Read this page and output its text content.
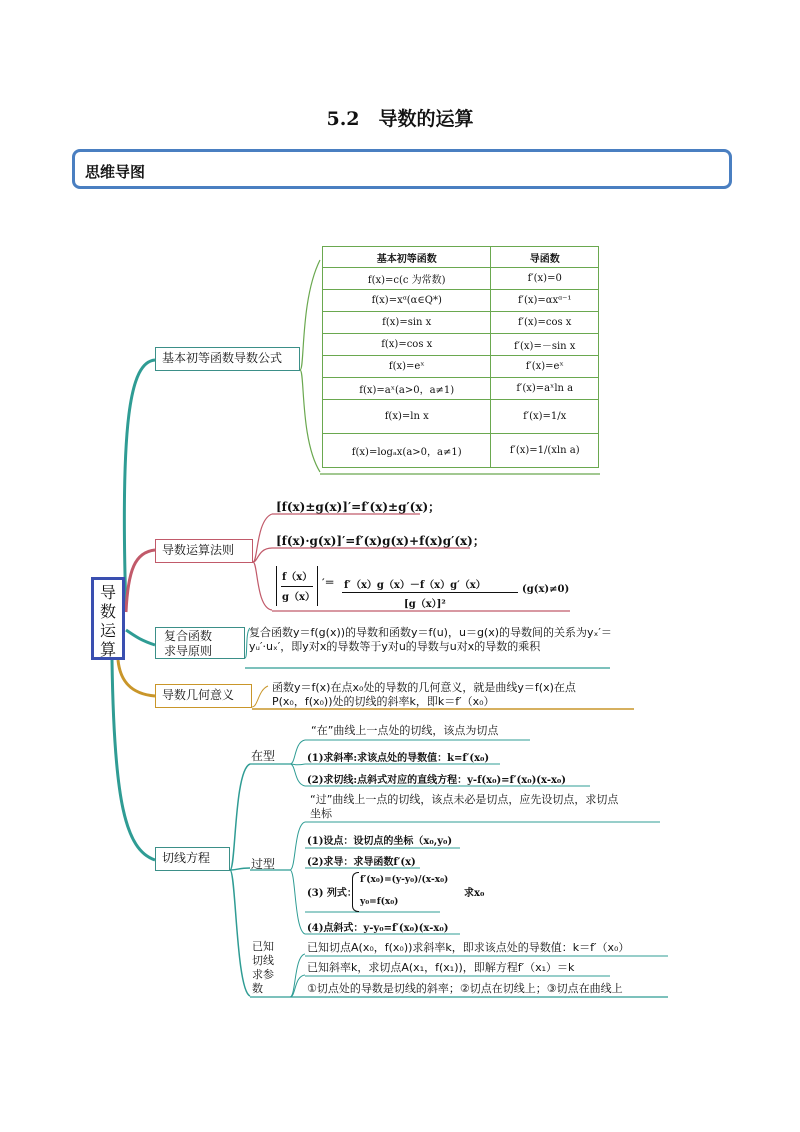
5.2　导数的运算
思维导图
导
数
运
算
基本初等函数导数公式
导数运算法则
复合函数
求导原则
导数几何意义
切线方程
基本初等函数	导函数
f(x)=c(c 为常数)	f′(x)=0
f(x)=xᵅ(α∈Q*)	f′(x)=αxᵅ⁻¹
f(x)=sin x	f′(x)=cos x
f(x)=cos x	f′(x)=－sin x
f(x)=eˣ	f′(x)=eˣ
f(x)=aˣ(a>0，a≠1)	f′(x)=aˣln a
f(x)=ln x	f′(x)=1/x
f(x)=logₐx(a>0，a≠1)	f′(x)=1/(xln a)
[f(x)±g(x)]′=f′(x)±g′(x)；
[f(x)·g(x)]′=f′(x)g(x)+f(x)g′(x)；
f（x）
g（x）
′＝ f′（x）g（x）－f（x）g′（x）
[g（x）]²
(g(x)≠0)
复合函数y＝f(g(x))的导数和函数y＝f(u)，u＝g(x)的导数间的关系为yₓ′＝yᵤ′·uₓ′，即y对x的导数等于y对u的导数与u对x的导数的乘积
函数y＝f(x)在点x₀处的导数的几何意义，就是曲线y＝f(x)在点
P(x₀，f(x₀))处的切线的斜率k，即k＝f′（x₀）
在型
“在”曲线上一点处的切线，该点为切点
(1)求斜率:求该点处的导数值：k=f′(x₀)
(2)求切线:点斜式对应的直线方程：y-f(x₀)=f′(x₀)(x-x₀)
过型
“过”曲线上一点的切线，该点未必是切点，应先设切点，求切点
坐标
(1)设点：设切点的坐标（x₀,y₀)
(2)求导：求导函数f′(x)
(3) 列式：
f′(x₀)=(y-y₀)/(x-x₀)
y₀=f(x₀)
求x₀
(4)点斜式：y-y₀=f′(x₀)(x-x₀)
已知
切线
求参
数
已知切点A(x₀，f(x₀))求斜率k，即求该点处的导数值：k＝f′（x₀）
已知斜率k，求切点A(x₁，f(x₁))，即解方程f′（x₁）＝k
①切点处的导数是切线的斜率；②切点在切线上；③切点在曲线上
